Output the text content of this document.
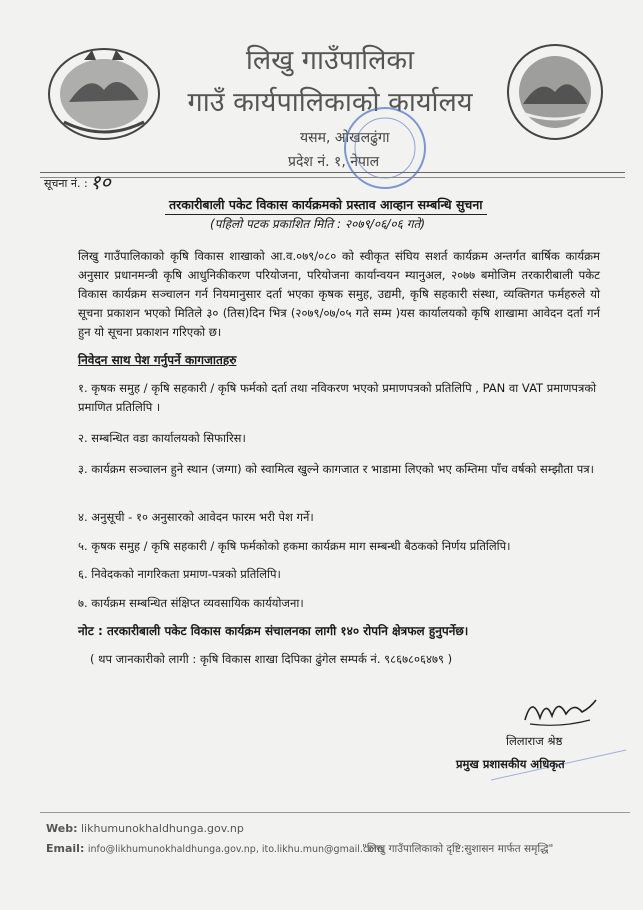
लिखु गाउँपालिका
गाउँ कार्यपालिकाको कार्यालय
यसम, ओखलढुंगा
प्रदेश नं. १, नेपाल
सूचना नं. : १०
तरकारीबाली पकेट विकास कार्यक्रमको प्रस्ताव आव्हान सम्बन्धि सुचना
(पहिलो पटक प्रकाशित मिति : २०७९/०६/०६ गते)
लिखु गाउँपालिकाको कृषि विकास शाखाको आ.व.०७९/०८० को स्वीकृत संघिय सशर्त कार्यक्रम अन्तर्गत बार्षिक कार्यक्रम अनुसार प्रधानमन्त्री कृषि आधुनिकीकरण परियोजना, परियोजना कार्यान्वयन म्यानुअल, २०७७ बमोजिम तरकारीबाली पकेट विकास कार्यक्रम सञ्चालन गर्न नियमानुसार दर्ता भएका कृषक समुह, उद्यमी, कृषि सहकारी संस्था, व्यक्तिगत फर्महरुले यो सूचना प्रकाशन भएको मितिले ३० (तिस)दिन भित्र (२०७९/०७/०५ गते सम्म )यस कार्यालयको कृषि शाखामा आवेदन दर्ता गर्न हुन यो सूचना प्रकाशन गरिएको छ।
निवेदन साथ पेश गर्नुपर्ने कागजातहरु
१. कृषक समुह / कृषि सहकारी / कृषि फर्मको दर्ता तथा नविकरण भएको प्रमाणपत्रको प्रतिलिपि , PAN वा VAT प्रमाणपत्रको प्रमाणित प्रतिलिपि ।
२. सम्बन्धित वडा कार्यालयको सिफारिस।
३. कार्यक्रम सञ्चालन हुने स्थान (जग्गा) को स्वामित्व खुल्ने कागजात र भाडामा लिएको भए कम्तिमा पाँच वर्षको सम्झौता पत्र।
४. अनुसूची - १० अनुसारको आवेदन फारम भरी पेश गर्ने।
५. कृषक समुह / कृषि सहकारी / कृषि फर्मकोको हकमा कार्यक्रम माग सम्बन्धी बैठकको निर्णय प्रतिलिपि।
६. निवेदकको नागरिकता प्रमाण-पत्रको प्रतिलिपि।
७. कार्यक्रम सम्बन्धित संक्षिप्त व्यवसायिक कार्ययोजना।
नोट : तरकारीबाली पकेट विकास कार्यक्रम संचालनका लागी १४० रोपनि क्षेत्रफल हुनुपर्नेछ।
( थप जानकारीको लागी : कृषि विकास शाखा दिपिका ढुंगेल सम्पर्क नं. ९८६७८०६४७९ )
लिलाराज श्रेष्ठ
प्रमुख प्रशासकीय अधिकृत
Web: likhumunokhaldhunga.gov.np
Email: info@likhumunokhaldhunga.gov.np, ito.likhu.mun@gmail.com
"लिखु गाउँपालिकाको दृष्टि:सुशासन मार्फत समृद्धि"
